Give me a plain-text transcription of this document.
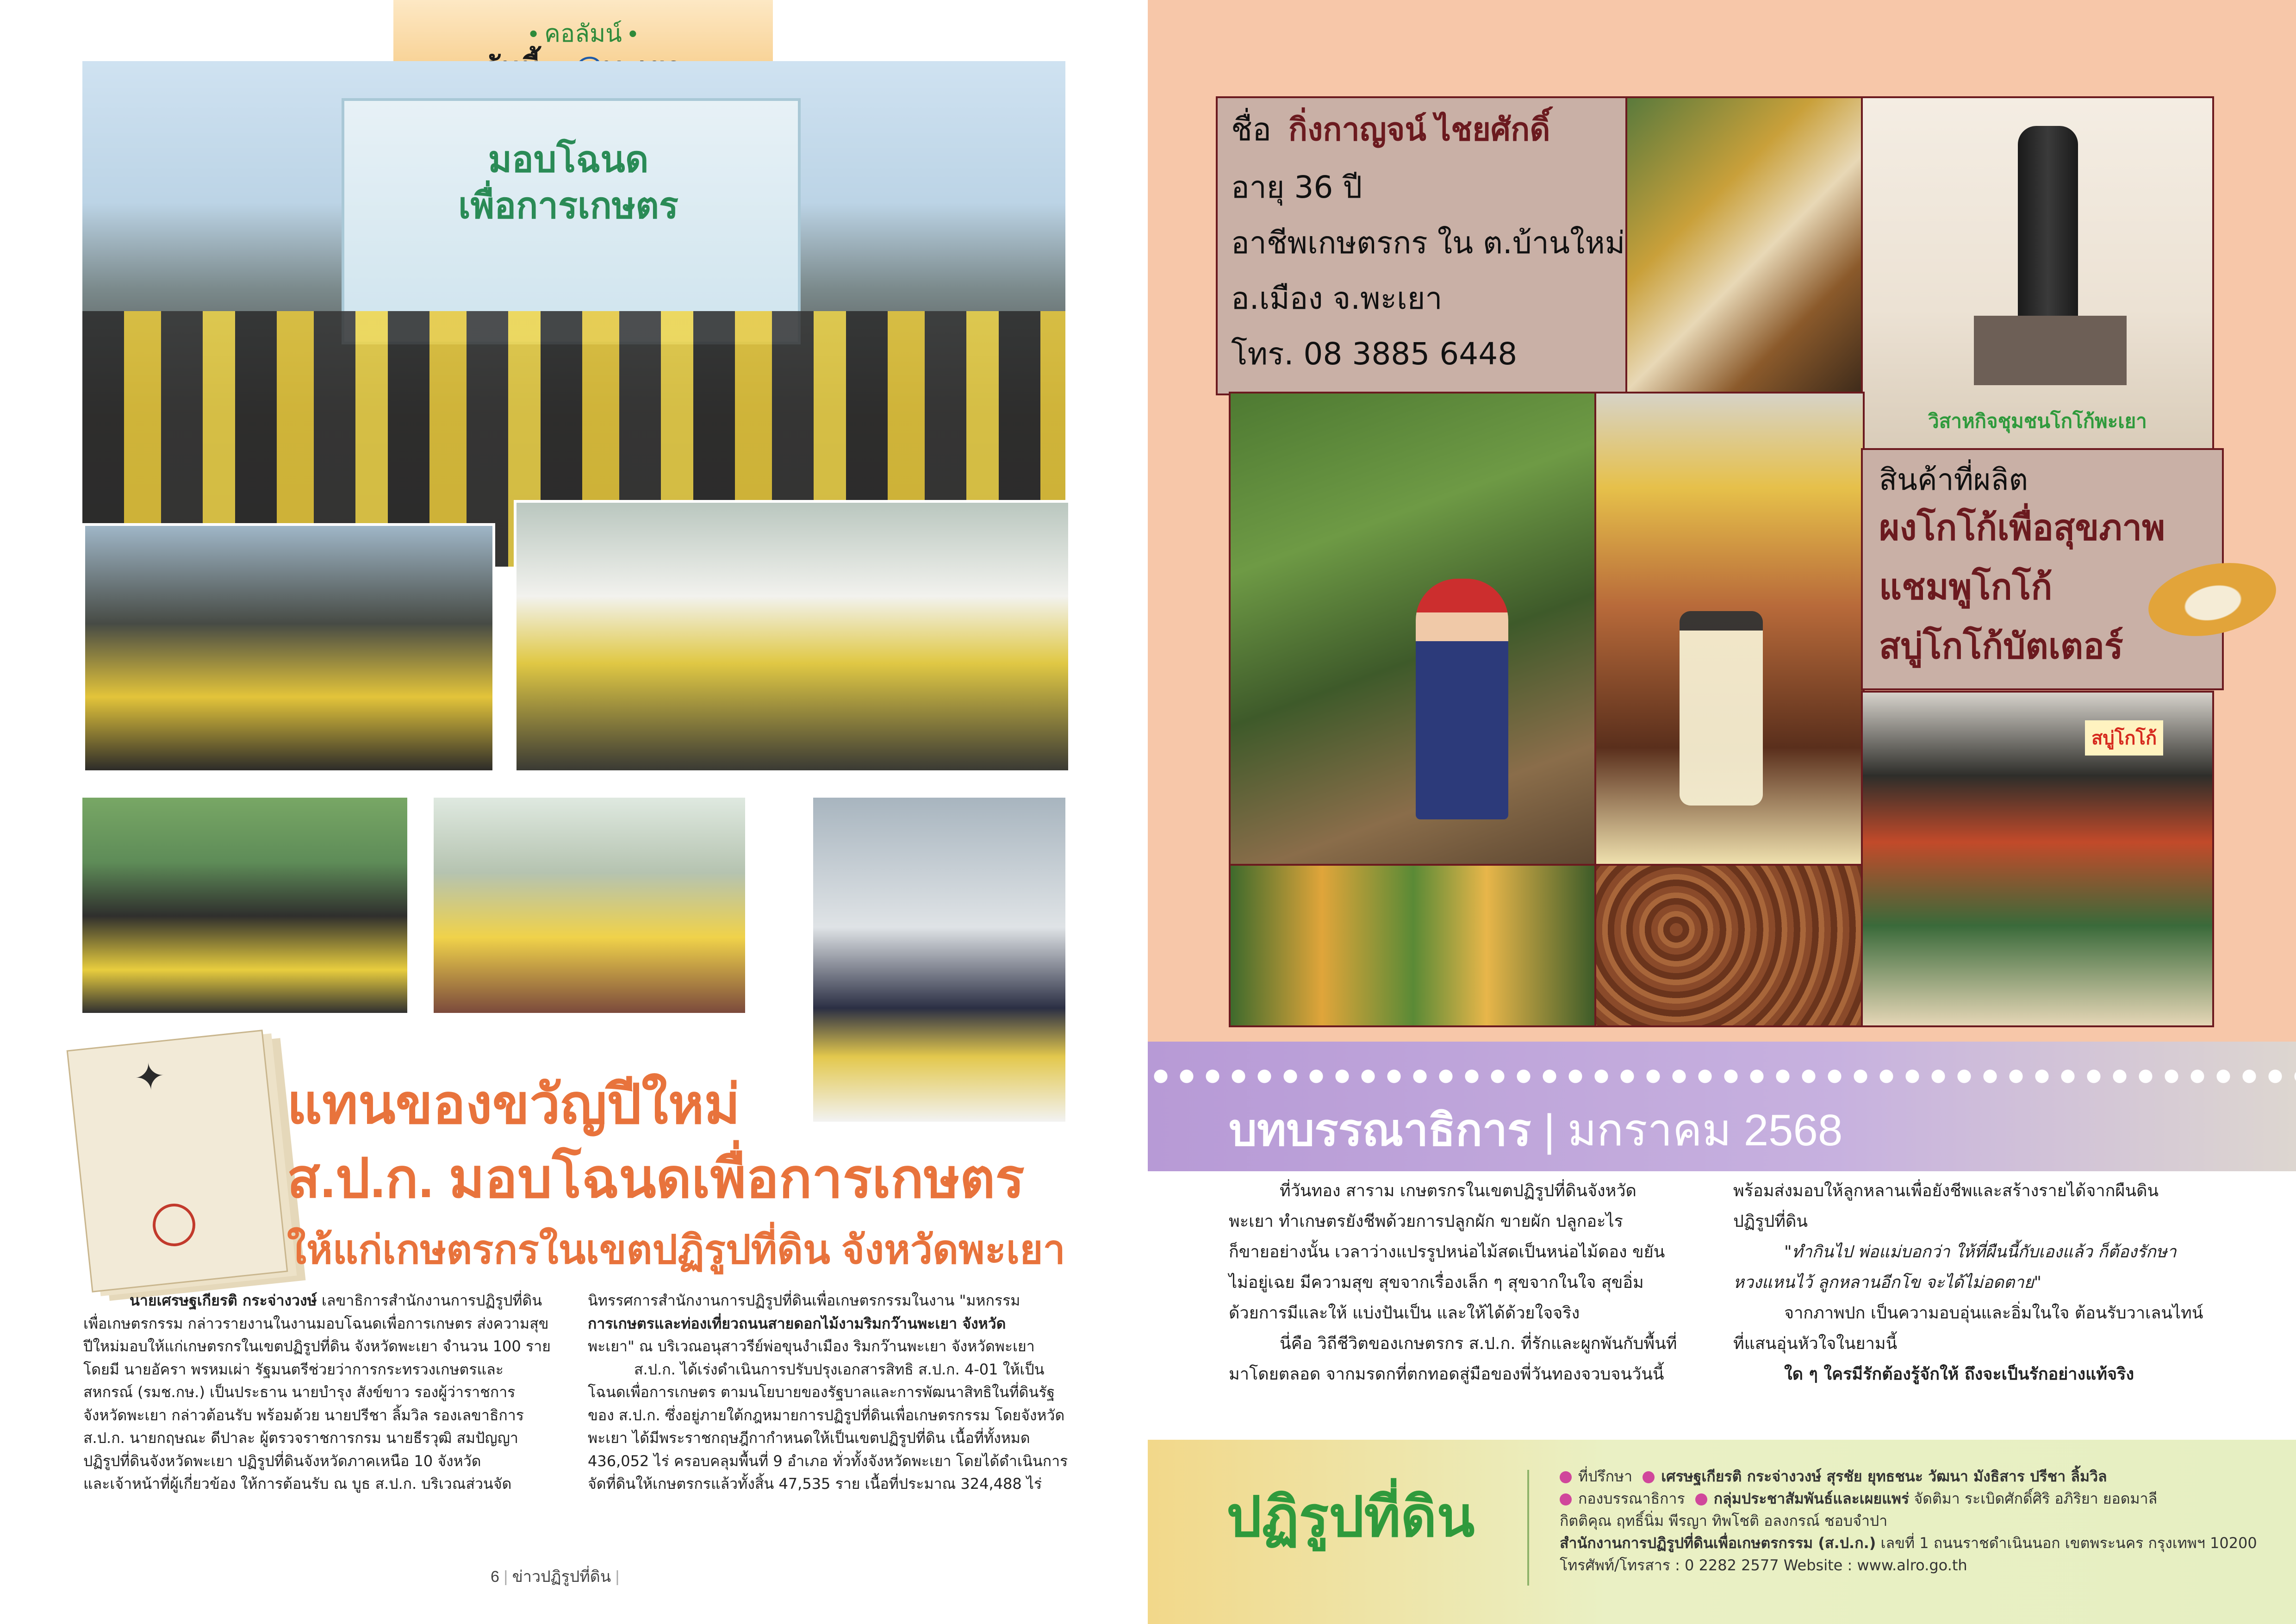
• คอลัมน์ •
มอบโฉนด
เพื่อการเกษตร
✦ แทนของขวัญปีใหม่
ส.ป.ก. มอบโฉนดเพื่อการเกษตร
ให้แก่เกษตรกรในเขตปฏิรูปที่ดิน จังหวัดพะเยา

นายเศรษฐเกียรติ กระจ่างวงษ์ เลขาธิการสำนักงานการปฏิรูปที่ดิน

เพื่อเกษตรกรรม กล่าวรายงานในงานมอบโฉนดเพื่อการเกษตร ส่งความสุข

ปีใหม่มอบให้แก่เกษตรกรในเขตปฏิรูปที่ดิน จังหวัดพะเยา จำนวน 100 ราย

โดยมี นายอัครา พรหมเผ่า รัฐมนตรีช่วยว่าการกระทรวงเกษตรและ

สหกรณ์ (รมช.กษ.) เป็นประธาน นายบำรุง สังข์ขาว รองผู้ว่าราชการ

จังหวัดพะเยา กล่าวต้อนรับ พร้อมด้วย นายปรีชา ลิ้มวิล รองเลขาธิการ

ส.ป.ก. นายกฤษณะ ดีปาละ ผู้ตรวจราชการกรม นายธีรวุฒิ สมปัญญา

ปฏิรูปที่ดินจังหวัดพะเยา ปฏิรูปที่ดินจังหวัดภาคเหนือ 10 จังหวัด

และเจ้าหน้าที่ผู้เกี่ยวข้อง ให้การต้อนรับ ณ บูธ ส.ป.ก. บริเวณส่วนจัด

นิทรรศการสำนักงานการปฏิรูปที่ดินเพื่อเกษตรกรรมในงาน "มหกรรม

การเกษตรและท่องเที่ยวถนนสายดอกไม้งามริมกว๊านพะเยา จังหวัด

พะเยา" ณ บริเวณอนุสาวรีย์พ่อขุนงำเมือง ริมกว๊านพะเยา จังหวัดพะเยา

ส.ป.ก. ได้เร่งดำเนินการปรับปรุงเอกสารสิทธิ ส.ป.ก. 4-01 ให้เป็น

โฉนดเพื่อการเกษตร ตามนโยบายของรัฐบาลและการพัฒนาสิทธิในที่ดินรัฐ

ของ ส.ป.ก. ซึ่งอยู่ภายใต้กฎหมายการปฏิรูปที่ดินเพื่อเกษตรกรรม โดยจังหวัด

พะเยา ได้มีพระราชกฤษฎีกากำหนดให้เป็นเขตปฏิรูปที่ดิน เนื้อที่ทั้งหมด

436,052 ไร่ ครอบคลุมพื้นที่ 9 อำเภอ ทั่วทั้งจังหวัดพะเยา โดยได้ดำเนินการ

จัดที่ดินให้เกษตรกรแล้วทั้งสิ้น 47,535 ราย เนื้อที่ประมาณ 324,488 ไร่

6 | ข่าวปฏิรูปที่ดิน |
ชื่อ กิ่งกาญจน์ ไชยศักดิ์
อายุ 36 ปี
อาชีพเกษตรกร ใน ต.บ้านใหม่
อ.เมือง จ.พะเยา
โทร. 08 3885 6448
วิสาหกิจชุมชนโกโก้พะเยา
สบู่โกโก้
สินค้าที่ผลิต
ผงโกโก้เพื่อสุขภาพ
แชมพูโกโก้
สบู่โกโก้บัตเตอร์
บทบรรณาธิการ | มกราคม 2568

ที่วันทอง สาราม เกษตรกรในเขตปฏิรูปที่ดินจังหวัด

พะเยา ทำเกษตรยังชีพด้วยการปลูกผัก ขายผัก ปลูกอะไร

ก็ขายอย่างนั้น เวลาว่างแปรรูปหน่อไม้สดเป็นหน่อไม้ดอง ขยัน

ไม่อยู่เฉย มีความสุข สุขจากเรื่องเล็ก ๆ สุขจากในใจ สุขอิ่ม

ด้วยการมีและให้ แบ่งปันเป็น และให้ได้ด้วยใจจริง

นี่คือ วิถีชีวิตของเกษตรกร ส.ป.ก. ที่รักและผูกพันกับพื้นที่

มาโดยตลอด จากมรดกที่ตกทอดสู่มือของพี่วันทองจวบจนวันนี้

พร้อมส่งมอบให้ลูกหลานเพื่อยังชีพและสร้างรายได้จากผืนดิน

ปฏิรูปที่ดิน

"ทำกินไป พ่อแม่บอกว่า ให้ที่ผืนนี้กับเองแล้ว ก็ต้องรักษา

หวงแหนไว้ ลูกหลานอีกโข จะได้ไม่อดตาย"

จากภาพปก เป็นความอบอุ่นและอิ่มในใจ ต้อนรับวาเลนไทน์

ที่แสนอุ่นหัวใจในยามนี้

ใด ๆ ใครมีรักต้องรู้จักให้ ถึงจะเป็นรักอย่างแท้จริง

ปฏิรูปที่ดิน
ที่ปรึกษา เศรษฐเกียรติ กระจ่างวงษ์ สุรชัย ยุทธชนะ วัฒนา มังธิสาร ปรีชา ลิ้มวิล
กองบรรณาธิการ กลุ่มประชาสัมพันธ์และเผยแพร่ จัดติมา ระเบิดศักดิ์ศิริ อภิริยา ยอดมาลี
กิตติคุณ ฤทธิ์นิ่ม พีรญา ทิพโชติ อลงกรณ์ ชอบจำปา
สำนักงานการปฏิรูปที่ดินเพื่อเกษตรกรรม (ส.ป.ก.) เลขที่ 1 ถนนราชดำเนินนอก เขตพระนคร กรุงเทพฯ 10200
โทรศัพท์/โทรสาร : 0 2282 2577 Website : www.alro.go.th
